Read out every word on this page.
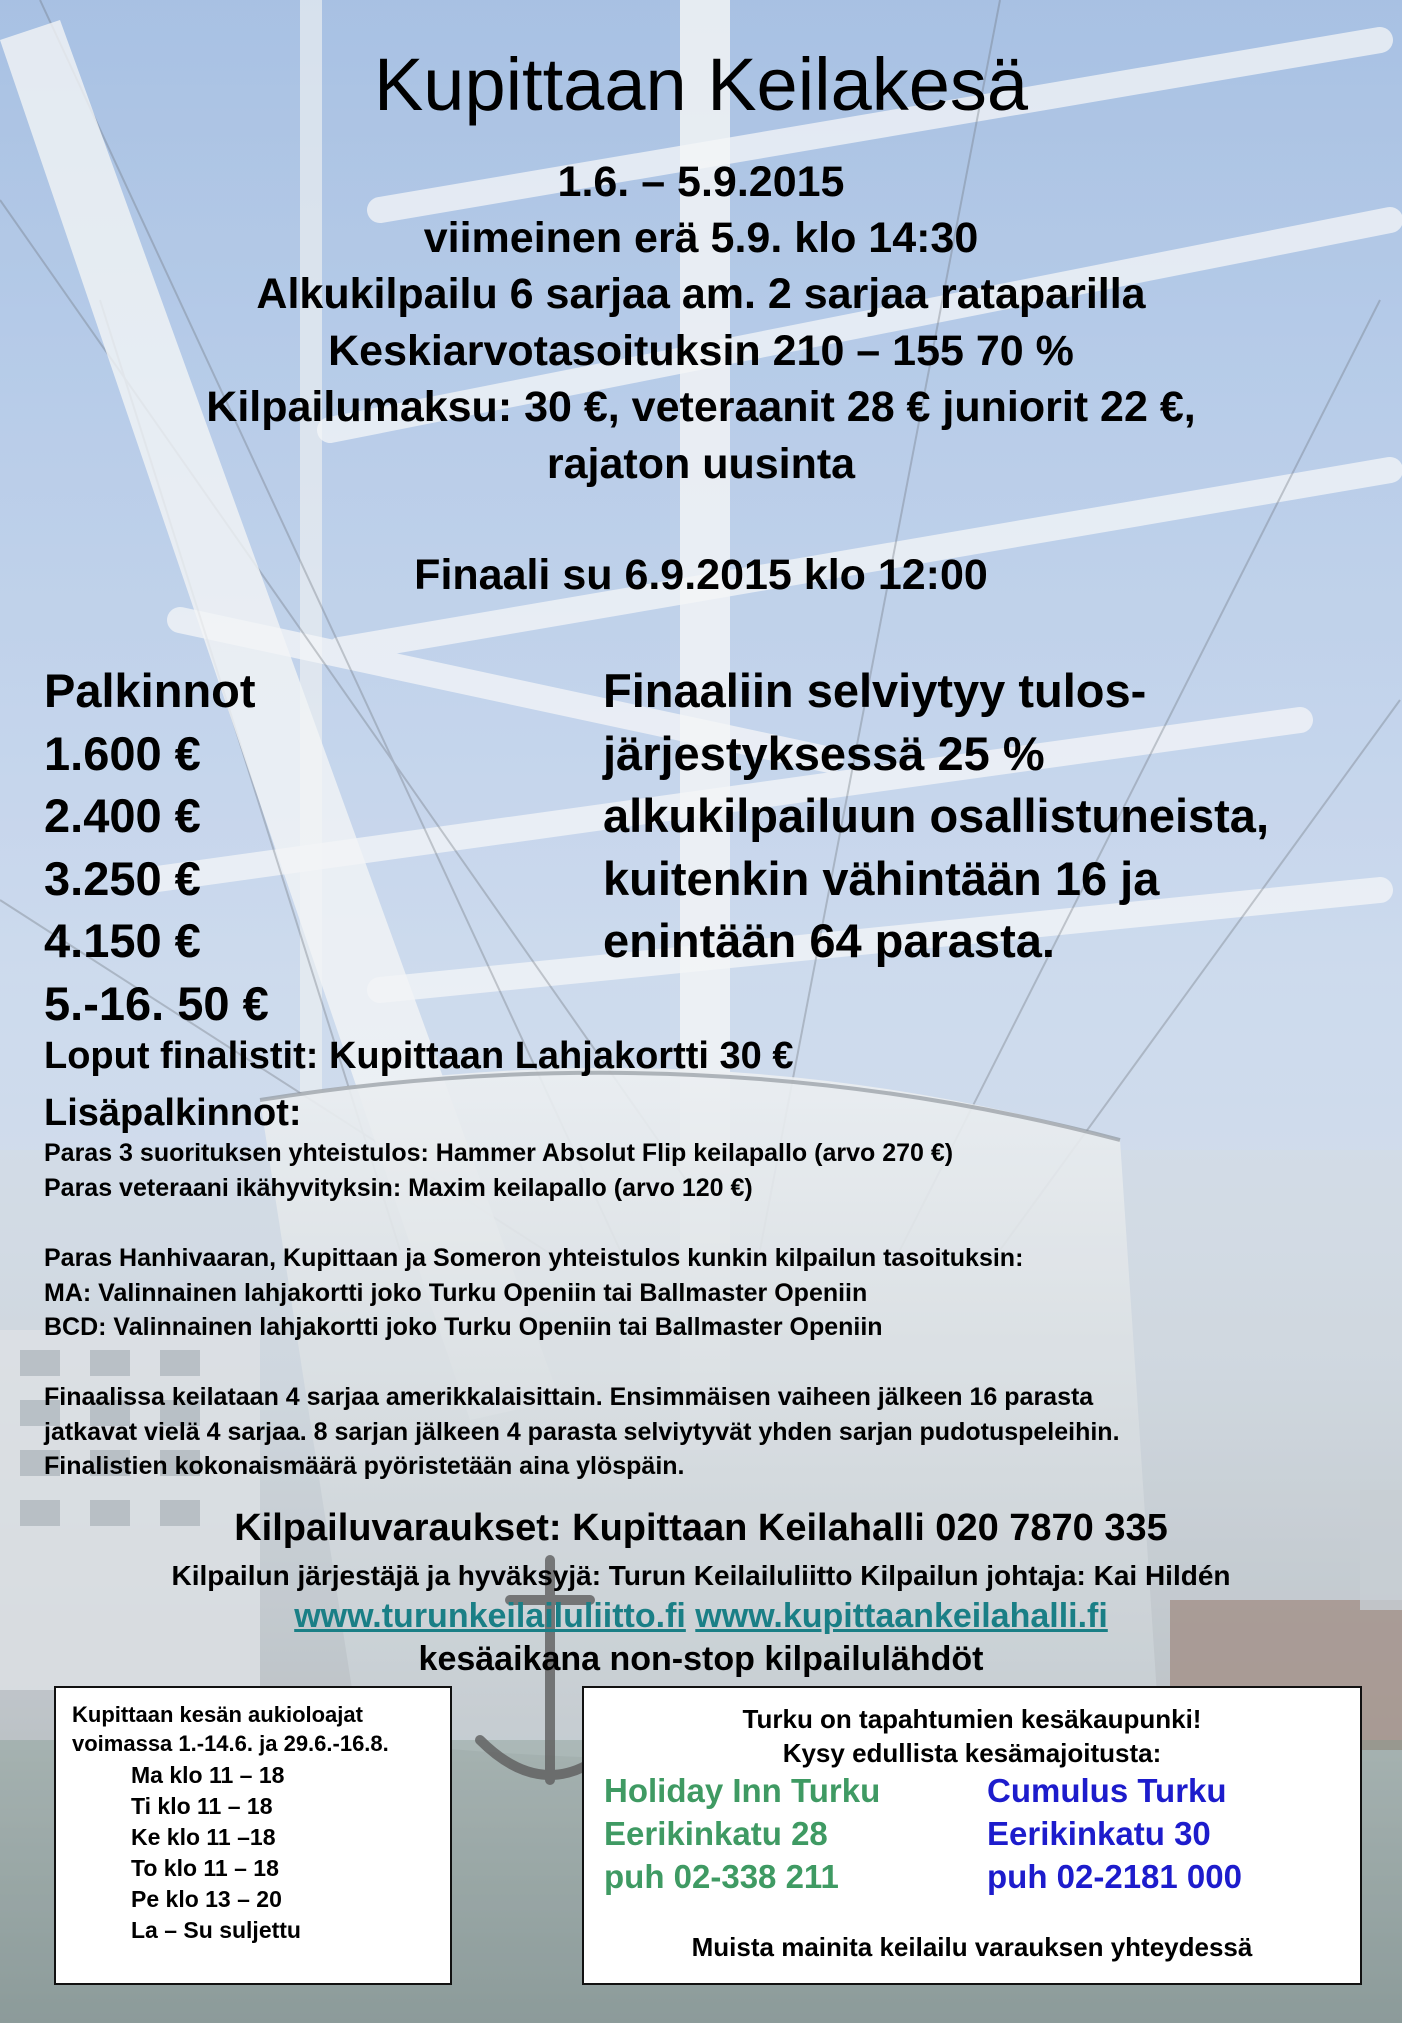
Kupittaan Keilakesä
1.6. – 5.9.2015
viimeinen erä 5.9. klo 14:30
Alkukilpailu 6 sarjaa am. 2 sarjaa rataparilla
Keskiarvotasoituksin 210 – 155 70 %
Kilpailumaksu: 30 €, veteraanit 28 € juniorit 22 €,
rajaton uusinta
Finaali su 6.9.2015 klo 12:00
Palkinnot
1.600 €
2.400 €
3.250 €
4.150 €
5.-16. 50 €
Finaaliin selviytyy tulos-
järjestyksessä 25 %
alkukilpailuun osallistuneista,
kuitenkin vähintään 16 ja
enintään 64 parasta.
Loput finalistit: Kupittaan Lahjakortti 30 €
Lisäpalkinnot:
Paras 3 suorituksen yhteistulos: Hammer Absolut Flip keilapallo (arvo 270 €)
Paras veteraani ikähyvityksin: Maxim keilapallo (arvo 120 €)
Paras Hanhivaaran, Kupittaan ja Someron yhteistulos kunkin kilpailun tasoituksin:
MA: Valinnainen lahjakortti joko Turku Openiin tai Ballmaster Openiin
BCD: Valinnainen lahjakortti joko Turku Openiin tai Ballmaster Openiin
Finaalissa keilataan 4 sarjaa amerikkalaisittain. Ensimmäisen vaiheen jälkeen 16 parasta
jatkavat vielä 4 sarjaa. 8 sarjan jälkeen 4 parasta selviytyvät yhden sarjan pudotuspeleihin.
Finalistien kokonaismäärä pyöristetään aina ylöspäin.
Kilpailuvaraukset: Kupittaan Keilahalli 020 7870 335
Kilpailun järjestäjä ja hyväksyjä: Turun Keilailuliitto Kilpailun johtaja: Kai Hildén
www.turunkeilailuliitto.fi www.kupittaankeilahalli.fi
kesäaikana non-stop kilpailulähdöt
Kupittaan kesän aukioloajat
voimassa 1.-14.6. ja 29.6.-16.8.
Ma klo 11 – 18
Ti klo 11 – 18
Ke klo 11 –18
To klo 11 – 18
Pe klo 13 – 20
La – Su suljettu
Turku on tapahtumien kesäkaupunki!
Kysy edullista kesämajoitusta:
Holiday Inn Turku
Eerikinkatu 28
puh 02-338 211
Cumulus Turku
Eerikinkatu 30
puh 02-2181 000
Muista mainita keilailu varauksen yhteydessä
